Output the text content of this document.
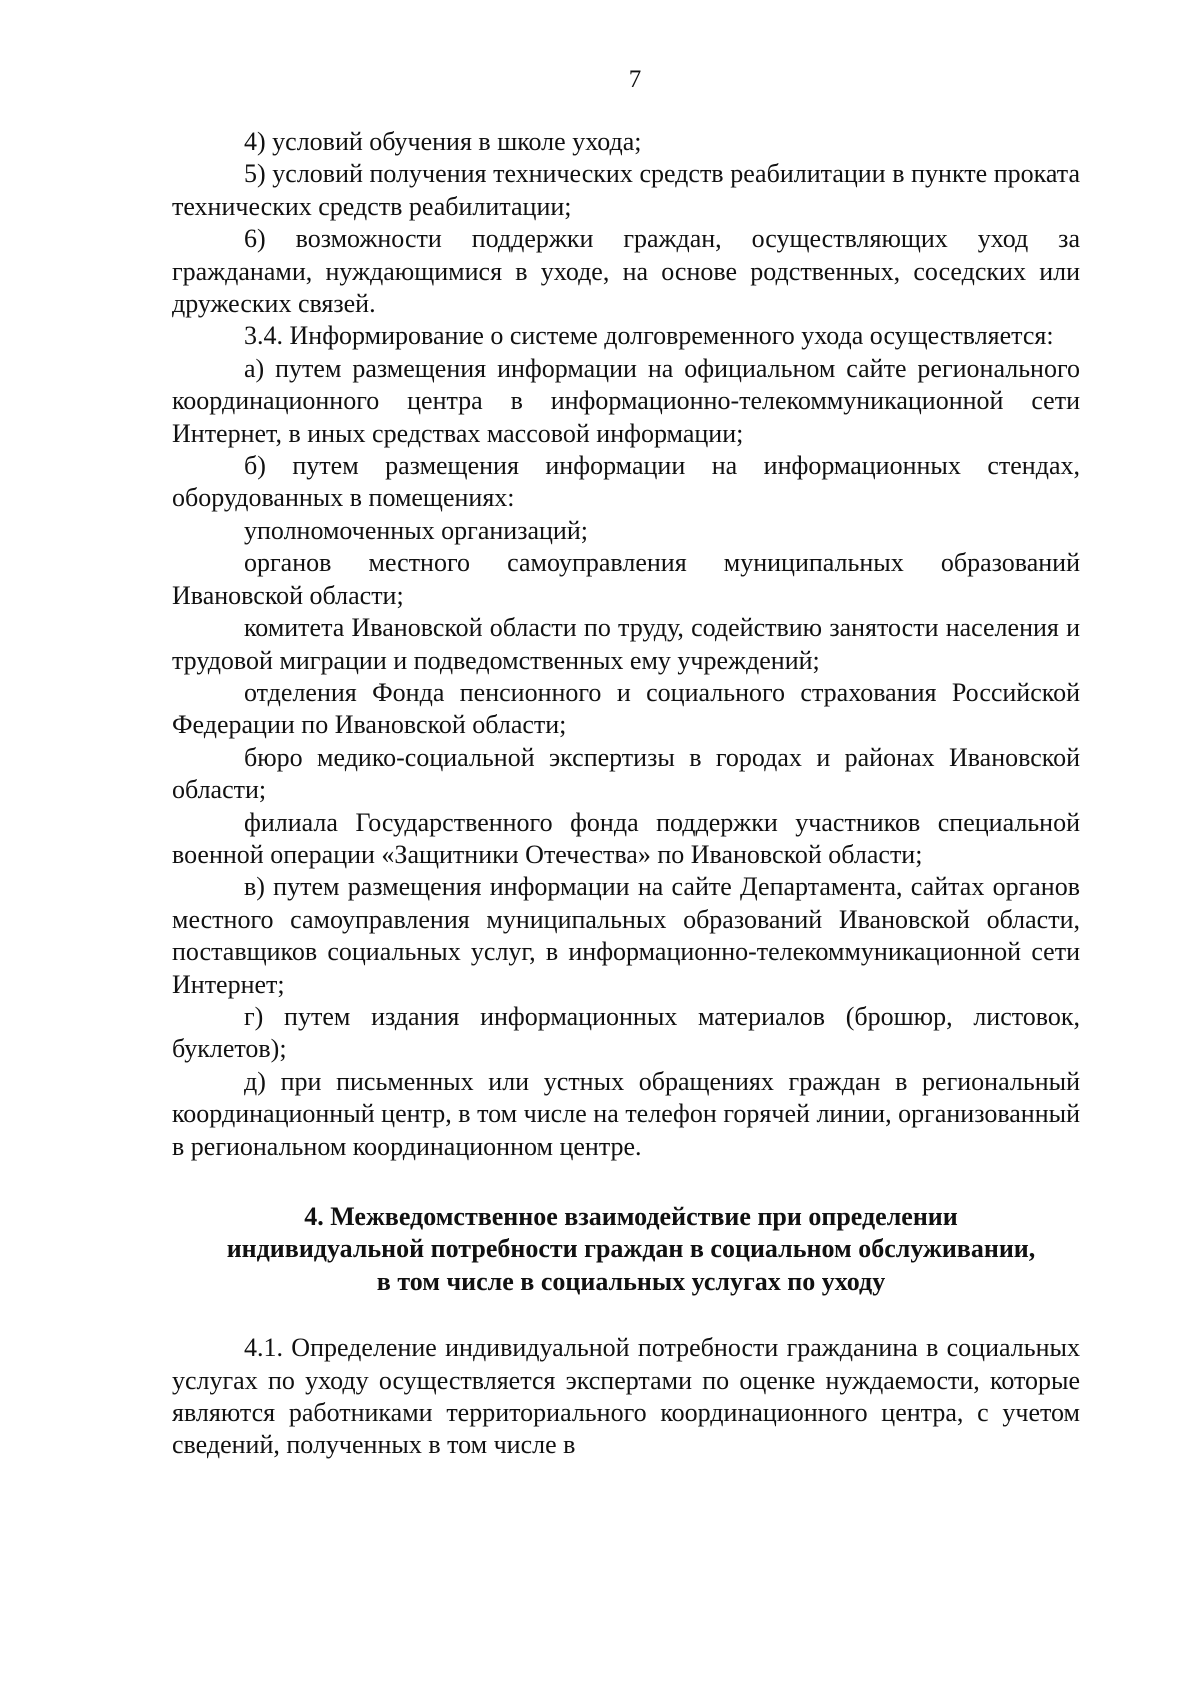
7

4) условий обучения в школе ухода;

5) условий получения технических средств реабилитации в пункте проката технических средств реабилитации;

6) возможности поддержки граждан, осуществляющих уход за гражданами, нуждающимися в уходе, на основе родственных, соседских или дружеских связей.

3.4. Информирование о системе долговременного ухода осуществляется:

а) путем размещения информации на официальном сайте регионального координационного центра в информационно-телекоммуникационной сети Интернет, в иных средствах массовой информации;

б) путем размещения информации на информационных стендах, оборудованных в помещениях:

уполномоченных организаций;

органов местного самоуправления муниципальных образований Ивановской области;

комитета Ивановской области по труду, содействию занятости населения и трудовой миграции и подведомственных ему учреждений;

отделения Фонда пенсионного и социального страхования Российской Федерации по Ивановской области;

бюро медико-социальной экспертизы в городах и районах Ивановской области;

филиала Государственного фонда поддержки участников специальной военной операции «Защитники Отечества» по Ивановской области;

в) путем размещения информации на сайте Департамента, сайтах органов местного самоуправления муниципальных образований Ивановской области, поставщиков социальных услуг, в информационно-телекоммуникационной сети Интернет;

г) путем издания информационных материалов (брошюр, листовок, буклетов);

д) при письменных или устных обращениях граждан в региональный координационный центр, в том числе на телефон горячей линии, организованный в региональном координационном центре.

4. Межведомственное взаимодействие при определении

индивидуальной потребности граждан в социальном обслуживании,

в том числе в социальных услугах по уходу

4.1. Определение индивидуальной потребности гражданина в социальных услугах по уходу осуществляется экспертами по оценке нуждаемости, которые являются работниками территориального координационного центра, с учетом сведений, полученных в том числе в
